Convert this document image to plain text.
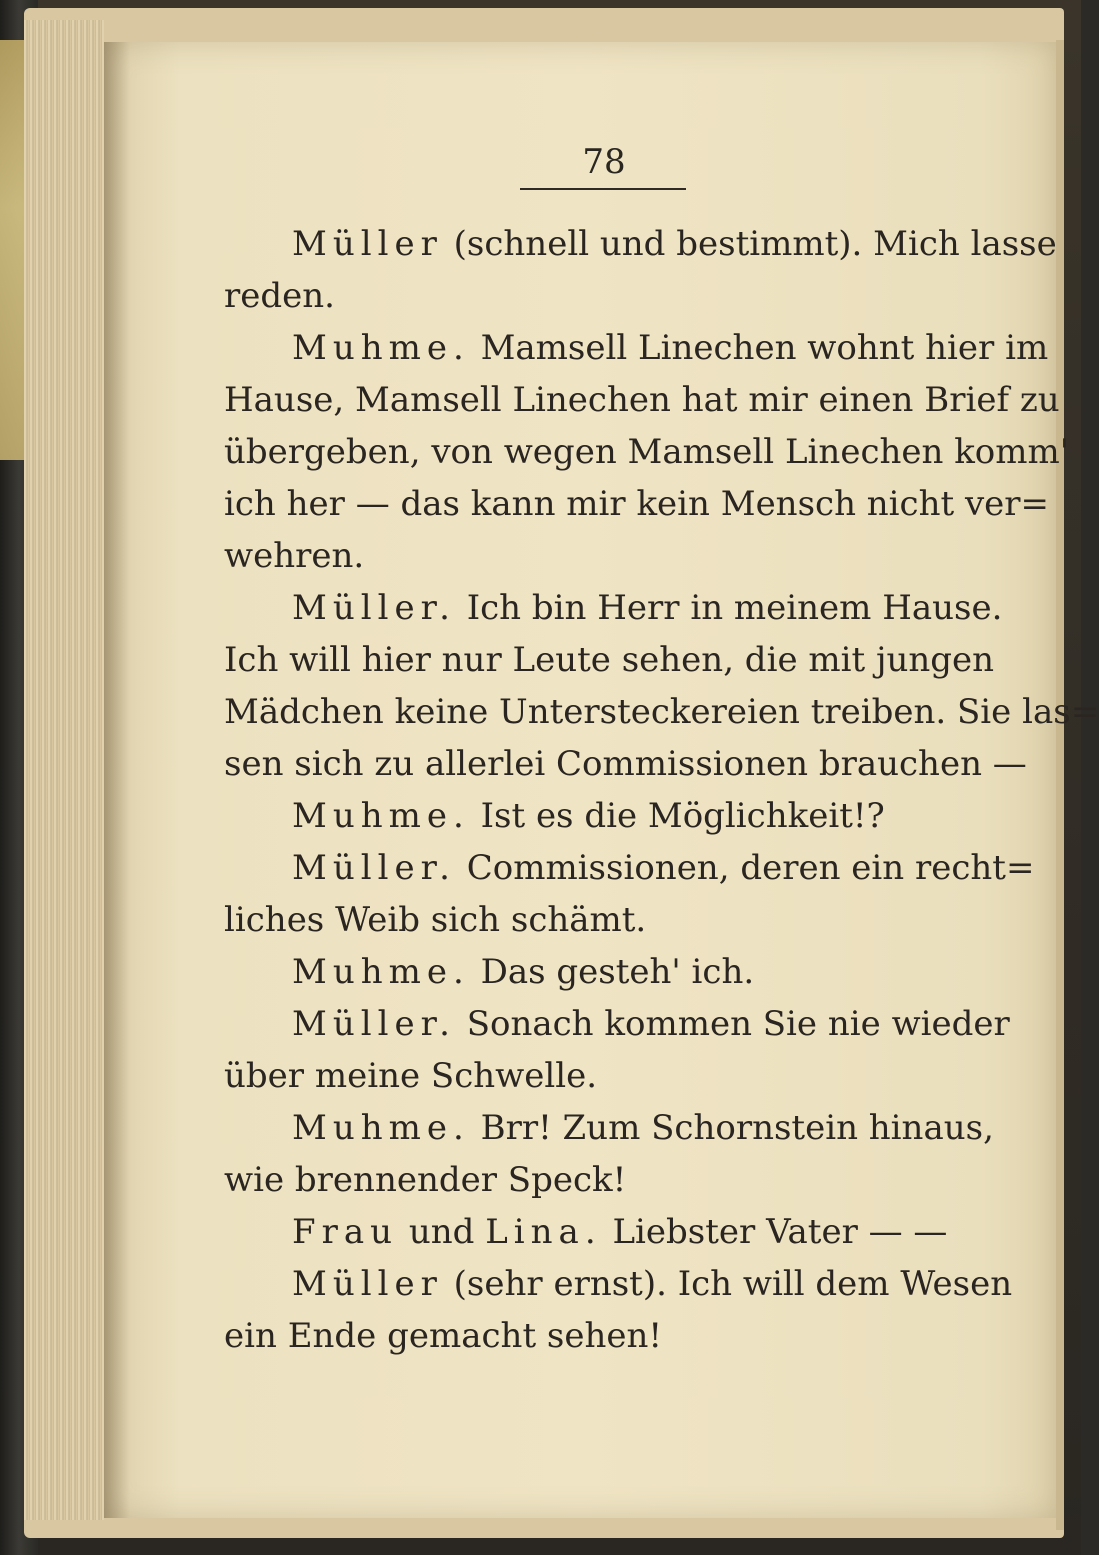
78
Müller (schnell und bestimmt). Mich lasse
reden.
Muhme. Mamsell Linechen wohnt hier im
Hause, Mamsell Linechen hat mir einen Brief zu
übergeben, von wegen Mamsell Linechen komm'
ich her — das kann mir kein Mensch nicht ver=
wehren.
Müller. Ich bin Herr in meinem Hause.
Ich will hier nur Leute sehen, die mit jungen
Mädchen keine Untersteckereien treiben. Sie las=
sen sich zu allerlei Commissionen brauchen —
Muhme. Ist es die Möglichkeit!?
Müller. Commissionen, deren ein recht=
liches Weib sich schämt.
Muhme. Das gesteh' ich.
Müller. Sonach kommen Sie nie wieder
über meine Schwelle.
Muhme. Brr! Zum Schornstein hinaus,
wie brennender Speck!
Frau und Lina. Liebster Vater — —
Müller (sehr ernst). Ich will dem Wesen
ein Ende gemacht sehen!
